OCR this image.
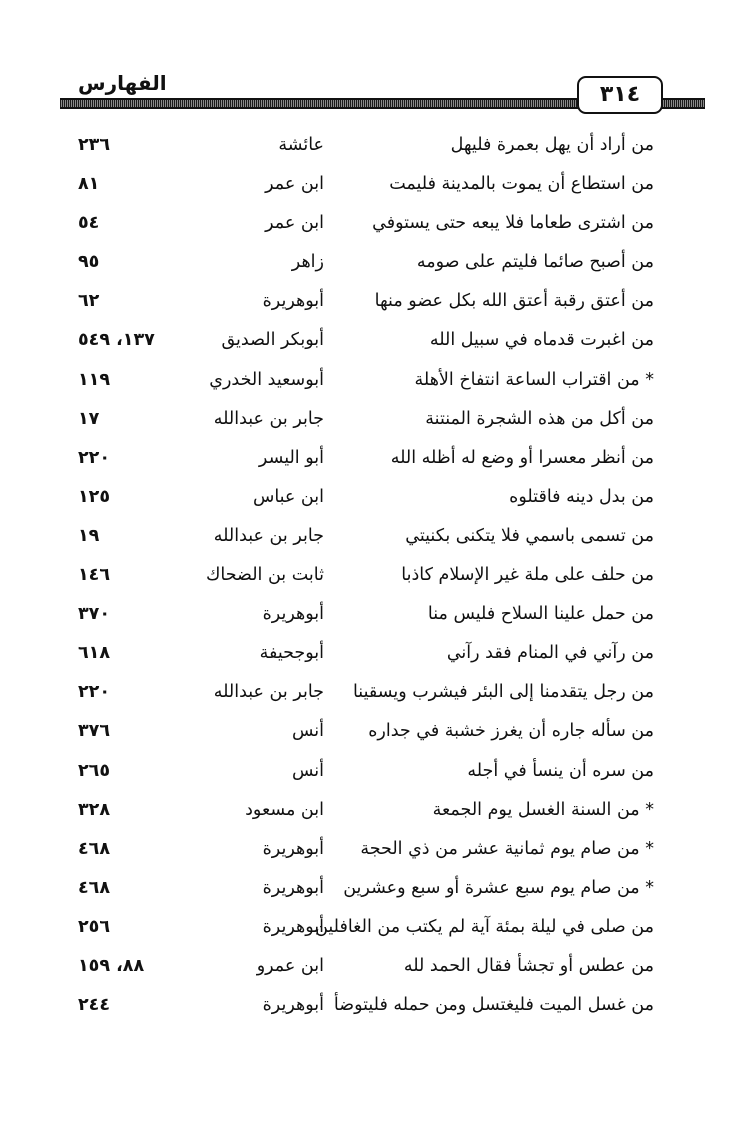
الفهارس	٣١٤
من أراد أن يهل بعمرة فليهل
عائشة
٢٣٦
من استطاع أن يموت بالمدينة فليمت
ابن عمر
٨١
من اشترى طعاما فلا يبعه حتى يستوفي
ابن عمر
٥٤
من أصبح صائما فليتم على صومه
زاهر
٩٥
من أعتق رقبة أعتق الله بكل عضو منها
أبوهريرة
٦٢
من اغبرت قدماه في سبيل الله
أبوبكر الصديق
١٣٧، ٥٤٩
* من اقتراب الساعة انتفاخ الأهلة
أبوسعيد الخدري
١١٩
من أكل من هذه الشجرة المنتنة
جابر بن عبدالله
١٧
من أنظر معسرا أو وضع له أظله الله
أبو اليسر
٢٢٠
من بدل دينه فاقتلوه
ابن عباس
١٢٥
من تسمى باسمي فلا يتكنى بكنيتي
جابر بن عبدالله
١٩
من حلف على ملة غير الإسلام كاذبا
ثابت بن الضحاك
١٤٦
من حمل علينا السلاح فليس منا
أبوهريرة
٣٧٠
من رآني في المنام فقد رآني
أبوجحيفة
٦١٨
من رجل يتقدمنا إلى البئر فيشرب ويسقينا
جابر بن عبدالله
٢٢٠
من سأله جاره أن يغرز خشبة في جداره
أنس
٣٧٦
من سره أن ينسأ في أجله
أنس
٢٦٥
* من السنة الغسل يوم الجمعة
ابن مسعود
٣٢٨
* من صام يوم ثمانية عشر من ذي الحجة
أبوهريرة
٤٦٨
* من صام يوم سبع عشرة أو سبع وعشرين
أبوهريرة
٤٦٨
من صلى في ليلة بمئة آية لم يكتب من الغافلين
أبوهريرة
٢٥٦
من عطس أو تجشأ فقال الحمد لله
ابن عمرو
٨٨، ١٥٩
من غسل الميت فليغتسل ومن حمله فليتوضأ
أبوهريرة
٢٤٤
